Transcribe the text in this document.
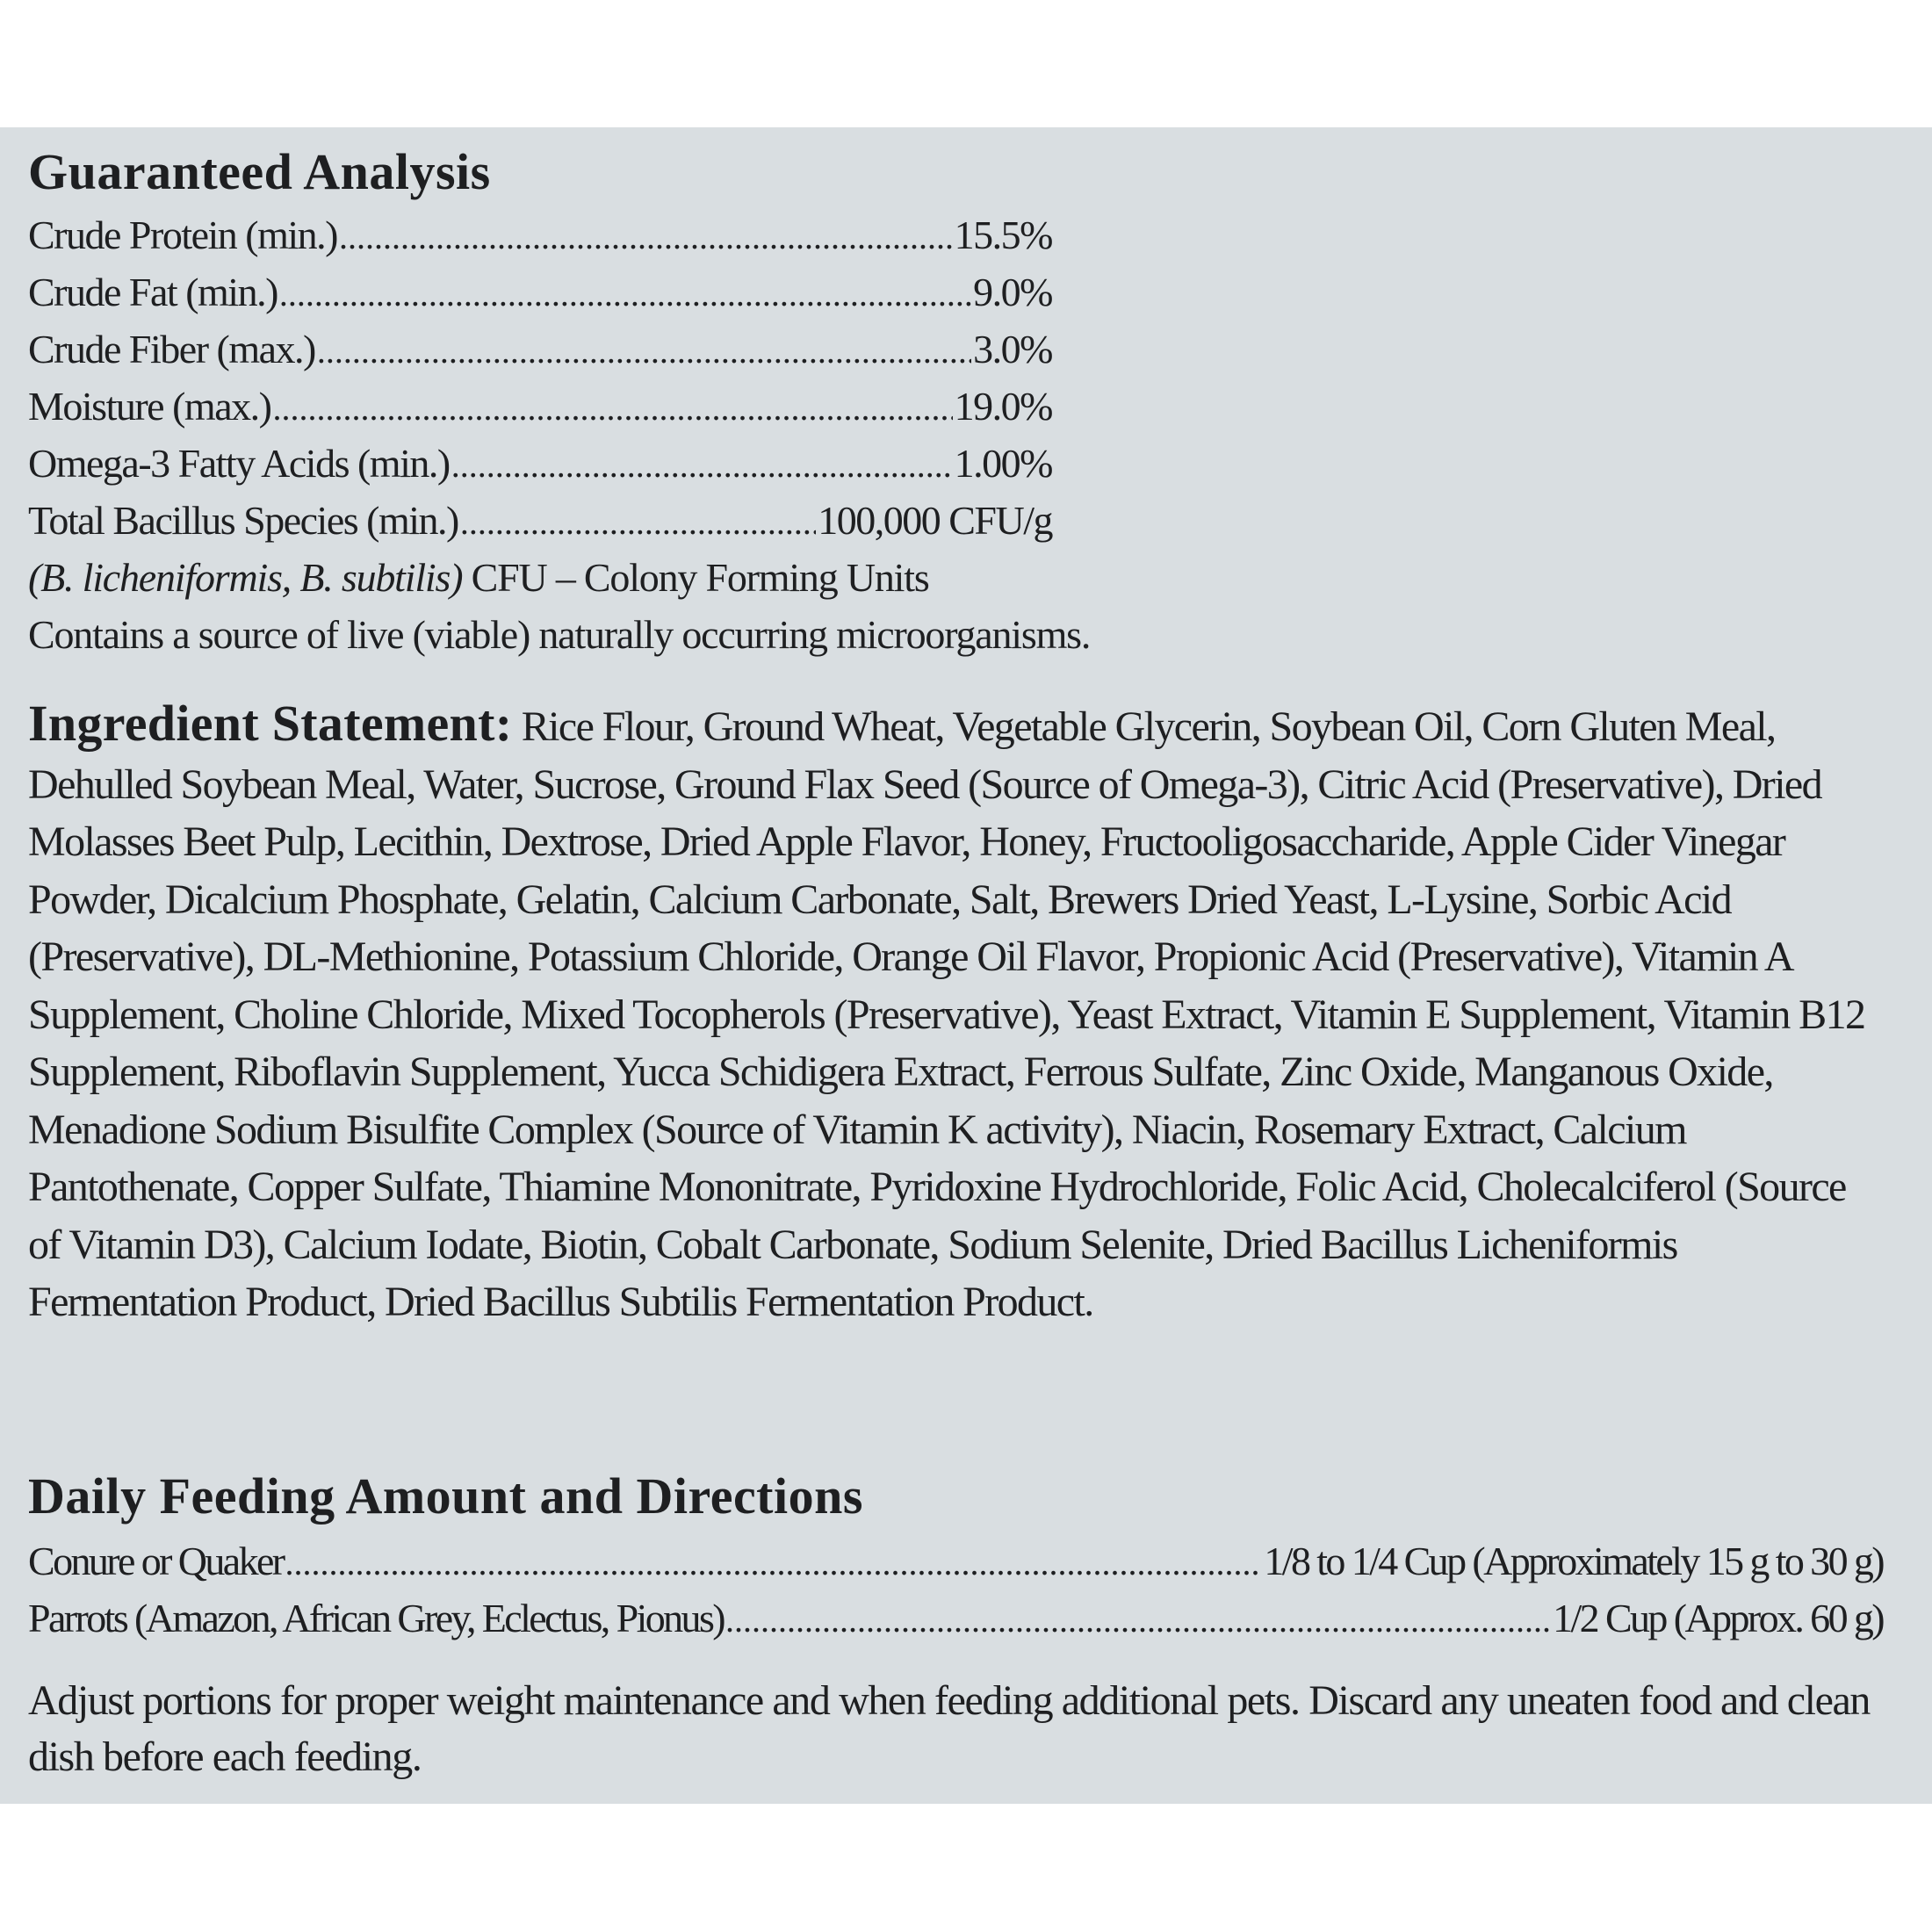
Guaranteed Analysis
Crude Protein (min.) .....	15.5%
Crude Fat (min.) .....	9.0%
Crude Fiber (max.) .....	3.0%
Moisture (max.) .....	19.0%
Omega-3 Fatty Acids (min.) .....	1.00%
Total Bacillus Species (min.) .....	100,000 CFU/g
(B. licheniformis, B. subtilis) CFU – Colony Forming Units
Contains a source of live (viable) naturally occurring microorganisms.
Ingredient Statement: Rice Flour, Ground Wheat, Vegetable Glycerin, Soybean Oil, Corn Gluten Meal, Dehulled Soybean Meal, Water, Sucrose, Ground Flax Seed (Source of Omega-3), Citric Acid (Preservative), Dried Molasses Beet Pulp, Lecithin, Dextrose, Dried Apple Flavor, Honey, Fructooligosaccharide, Apple Cider Vinegar Powder, Dicalcium Phosphate, Gelatin, Calcium Carbonate, Salt, Brewers Dried Yeast, L-Lysine, Sorbic Acid (Preservative), DL-Methionine, Potassium Chloride, Orange Oil Flavor, Propionic Acid (Preservative), Vitamin A Supplement, Choline Chloride, Mixed Tocopherols (Preservative), Yeast Extract, Vitamin E Supplement, Vitamin B12 Supplement, Riboflavin Supplement, Yucca Schidigera Extract, Ferrous Sulfate, Zinc Oxide, Manganous Oxide, Menadione Sodium Bisulfite Complex (Source of Vitamin K activity), Niacin, Rosemary Extract, Calcium Pantothenate, Copper Sulfate, Thiamine Mononitrate, Pyridoxine Hydrochloride, Folic Acid, Cholecalciferol (Source of Vitamin D3), Calcium Iodate, Biotin, Cobalt Carbonate, Sodium Selenite, Dried Bacillus Licheniformis Fermentation Product, Dried Bacillus Subtilis Fermentation Product.
Daily Feeding Amount and Directions
Conure or Quaker .....	1/8 to 1/4 Cup (Approximately 15 g to 30 g)
Parrots (Amazon, African Grey, Eclectus, Pionus) .....	1/2 Cup (Approx. 60 g)
Adjust portions for proper weight maintenance and when feeding additional pets. Discard any uneaten food and clean dish before each feeding.
